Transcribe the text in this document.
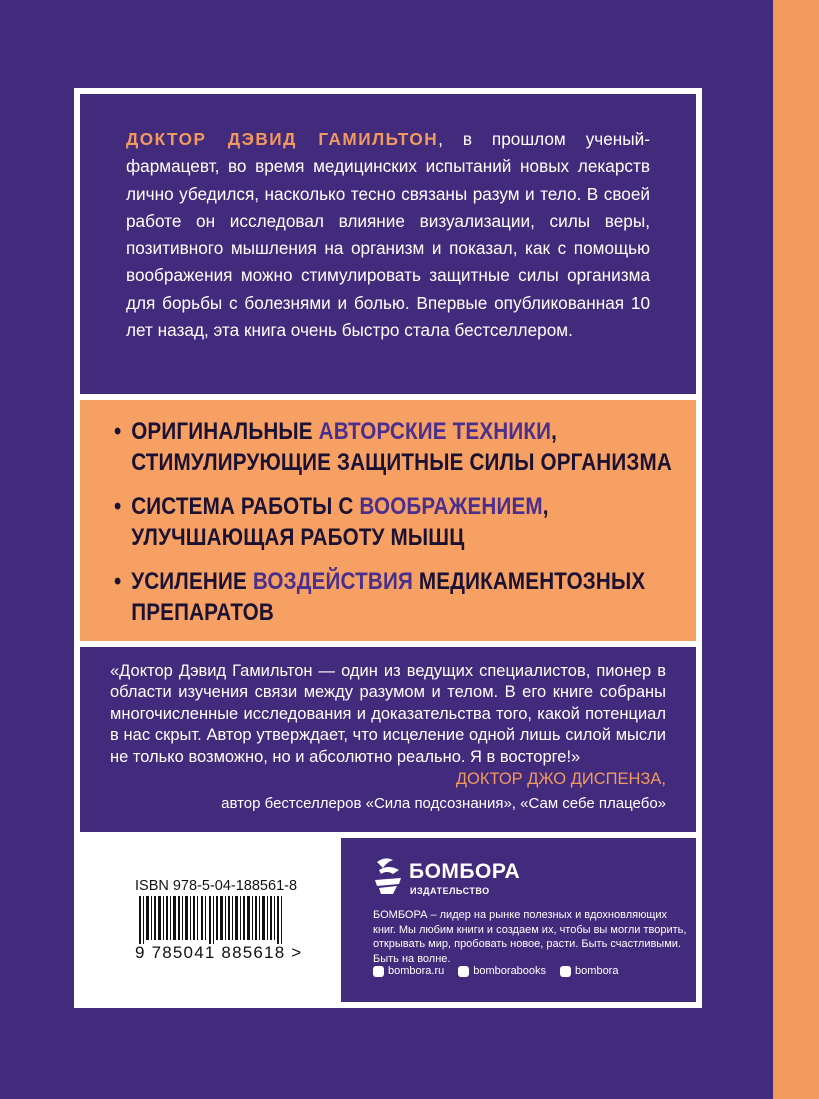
ДОКТОР ДЭВИД ГАМИЛЬТОН, в прошлом ученый-фармацевт, во время медицинских испытаний новых лекарств лично убедился, насколько тесно связаны разум и тело. В своей работе он исследовал влияние визуализации, силы веры, позитивного мышления на организм и показал, как с помощью воображения можно стимулировать защитные силы организма для борьбы с болезнями и болью. Впервые опубликованная 10 лет назад, эта книга очень быстро стала бестселлером.
• ОРИГИНАЛЬНЫЕ АВТОРСКИЕ ТЕХНИКИ, СТИМУЛИРУЮЩИЕ ЗАЩИТНЫЕ СИЛЫ ОРГАНИЗМА
• СИСТЕМА РАБОТЫ С ВООБРАЖЕНИЕМ, УЛУЧШАЮЩАЯ РАБОТУ МЫШЦ
• УСИЛЕНИЕ ВОЗДЕЙСТВИЯ МЕДИКАМЕНТОЗНЫХ ПРЕПАРАТОВ
«Доктор Дэвид Гамильтон — один из ведущих специалистов, пионер в области изучения связи между разумом и телом. В его книге собраны многочисленные исследования и доказательства того, какой потенциал в нас скрыт. Автор утверждает, что исцеление одной лишь силой мысли не только возможно, но и абсолютно реально. Я в восторге!»
ДОКТОР ДЖО ДИСПЕНЗА,
автор бестселлеров «Сила подсознания», «Сам себе плацебо»
ISBN 978-5-04-188561-8
9 785041 885618 >
БОМБОРА
ИЗДАТЕЛЬСТВО
БОМБОРА – лидер на рынке полезных и вдохновляющих книг. Мы любим книги и создаем их, чтобы вы могли творить, открывать мир, пробовать новое, расти. Быть счастливыми. Быть на волне.
bombora.ru	bomborabooks	bombora
